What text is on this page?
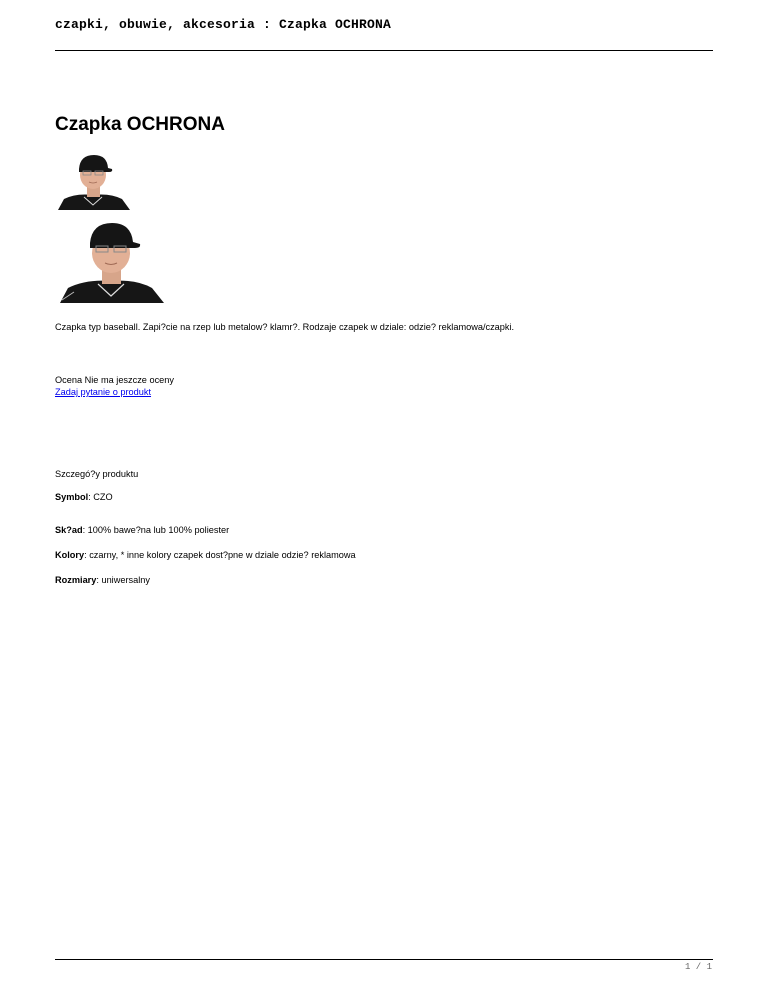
czapki, obuwie, akcesoria : Czapka OCHRONA
Czapka OCHRONA
Czapka typ baseball. Zapi?cie na rzep lub metalow? klamr?. Rodzaje czapek w dziale: odzie? reklamowa/czapki.
Ocena Nie ma jeszcze oceny
Zadaj pytanie o produkt
Szczegó?y produktu
Symbol: CZO
Sk?ad: 100% bawe?na lub 100% poliester
Kolory: czarny, * inne kolory czapek dost?pne w dziale odzie? reklamowa
Rozmiary: uniwersalny
1 / 1
